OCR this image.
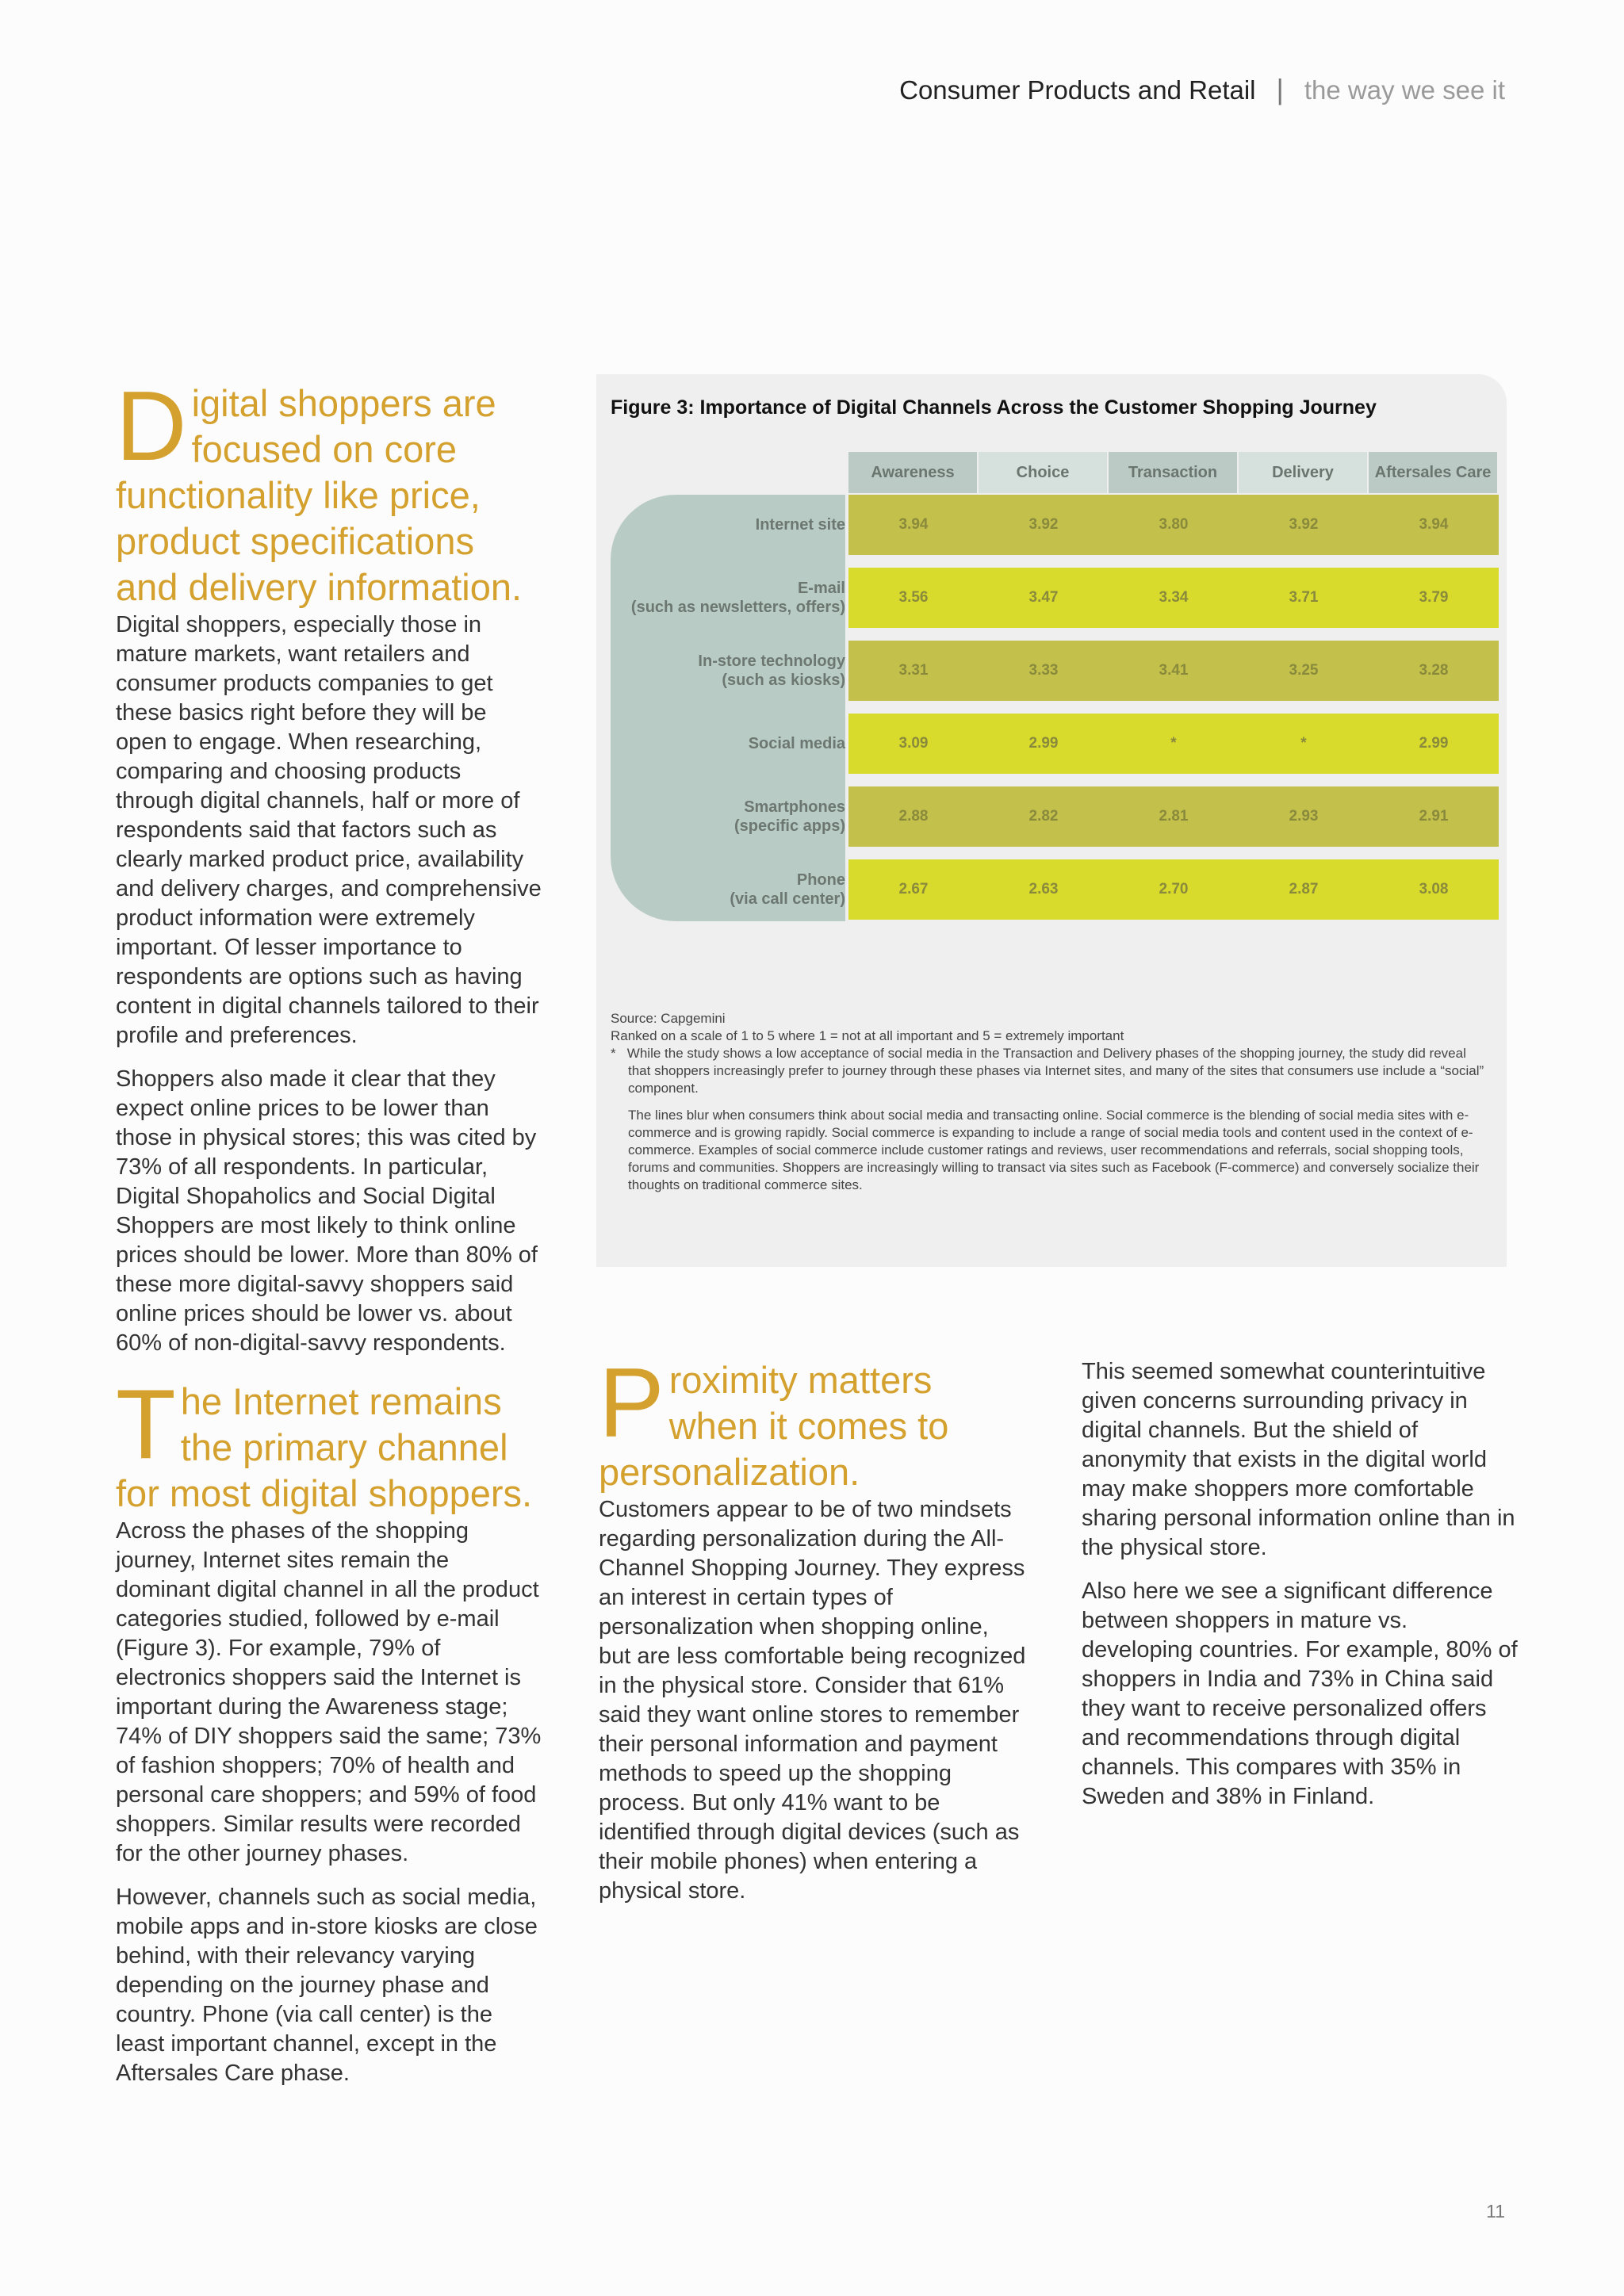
Consumer Products and Retail | the way we see it
Digital shoppers are focused on core functionality like price, product specifications and delivery information.

Digital shoppers, especially those in mature markets, want retailers and consumer products companies to get these basics right before they will be open to engage. When researching, comparing and choosing products through digital channels, half or more of respondents said that factors such as clearly marked product price, availability and delivery charges, and comprehensive product information were extremely important. Of lesser importance to respondents are options such as having content in digital channels tailored to their profile and preferences.

Shoppers also made it clear that they expect online prices to be lower than those in physical stores; this was cited by 73% of all respondents. In particular, Digital Shopaholics and Social Digital Shoppers are most likely to think online prices should be lower. More than 80% of these more digital-savvy shoppers said online prices should be lower vs. about 60% of non-digital-savvy respondents.

The Internet remains the primary channel for most digital shoppers.

Across the phases of the shopping journey, Internet sites remain the dominant digital channel in all the product categories studied, followed by e-mail (Figure 3). For example, 79% of electronics shoppers said the Internet is important during the Awareness stage; 74% of DIY shoppers said the same; 73% of fashion shoppers; 70% of health and personal care shoppers; and 59% of food shoppers. Similar results were recorded for the other journey phases.

However, channels such as social media, mobile apps and in-store kiosks are close behind, with their relevancy varying depending on the journey phase and country. Phone (via call center) is the least important channel, except in the Aftersales Care phase.

Figure 3: Importance of Digital Channels Across the Customer Shopping Journey
Awareness	Choice	Transaction	Delivery	Aftersales Care
Internet site	3.94	3.92	3.80	3.92	3.94
E-mail
(such as newsletters, offers)
3.56	3.47	3.34	3.71	3.79
In-store technology
(such as kiosks)
3.31	3.33	3.41	3.25	3.28
Social media	3.09	2.99	*	*	2.99
Smartphones
(specific apps)
2.88	2.82	2.81	2.93	2.91
Phone
(via call center)
2.67	2.63	2.70	2.87	3.08

Source: Capgemini

Ranked on a scale of 1 to 5 where 1 = not at all important and 5 = extremely important

* While the study shows a low acceptance of social media in the Transaction and Delivery phases of the shopping journey, the study did reveal that shoppers increasingly prefer to journey through these phases via Internet sites, and many of the sites that consumers use include a “social” component.

The lines blur when consumers think about social media and transacting online. Social commerce is the blending of social media sites with e-commerce and is growing rapidly. Social commerce is expanding to include a range of social media tools and content used in the context of e-commerce. Examples of social commerce include customer ratings and reviews, user recommendations and referrals, social shopping tools, forums and communities. Shoppers are increasingly willing to transact via sites such as Facebook (F-commerce) and conversely socialize their thoughts on traditional commerce sites.

Proximity matters when it comes to personalization.

Customers appear to be of two mindsets regarding personalization during the All-Channel Shopping Journey. They express an interest in certain types of personalization when shopping online, but are less comfortable being recognized in the physical store. Consider that 61% said they want online stores to remember their personal information and payment methods to speed up the shopping process. But only 41% want to be identified through digital devices (such as their mobile phones) when entering a physical store.

This seemed somewhat counterintuitive given concerns surrounding privacy in digital channels. But the shield of anonymity that exists in the digital world may make shoppers more comfortable sharing personal information online than in the physical store.

Also here we see a significant difference between shoppers in mature vs. developing countries. For example, 80% of shoppers in India and 73% in China said they want to receive personalized offers and recommendations through digital channels. This compares with 35% in Sweden and 38% in Finland.

11
